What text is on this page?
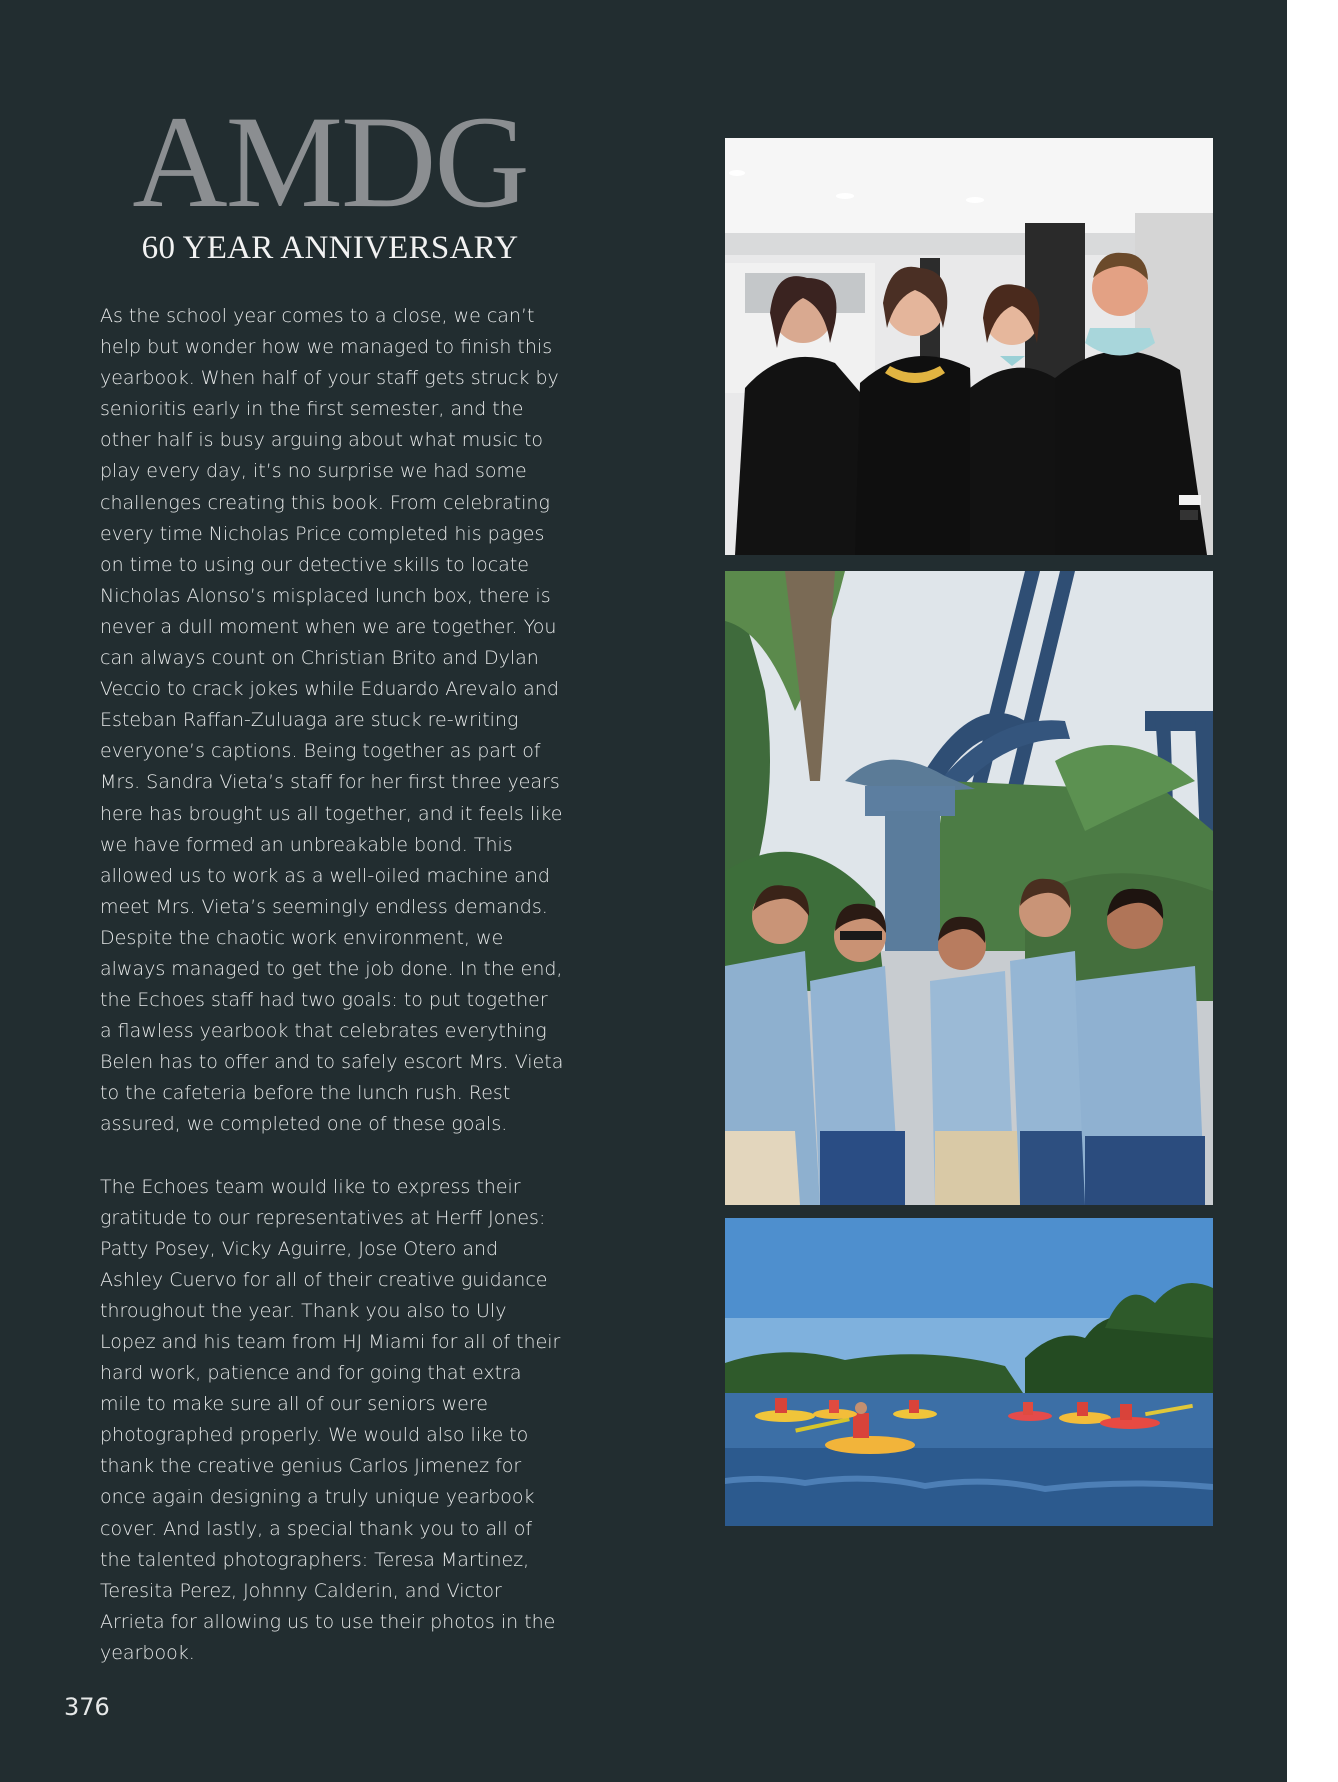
AMDG
60 YEAR ANNIVERSARY

As the school year comes to a close, we can’t help but wonder how we managed to finish this yearbook. When half of your staff gets struck by senioritis early in the first semester, and the other half is busy arguing about what music to play every day, it’s no surprise we had some challenges creating this book. From celebrating every time Nicholas Price completed his pages on time to using our detective skills to locate Nicholas Alonso’s misplaced lunch box, there is never a dull moment when we are together. You can always count on Christian Brito and Dylan Veccio to crack jokes while Eduardo Arevalo and Esteban Raffan-Zuluaga are stuck re-writing everyone’s captions. Being together as part of Mrs. Sandra Vieta’s staff for her first three years here has brought us all together, and it feels like we have formed an unbreakable bond. This allowed us to work as a well-oiled machine and meet Mrs. Vieta’s seemingly endless demands. Despite the chaotic work environment, we always managed to get the job done. In the end, the Echoes staff had two goals: to put together a flawless yearbook that celebrates everything Belen has to offer and to safely escort Mrs. Vieta to the cafeteria before the lunch rush. Rest assured, we completed one of these goals.

The Echoes team would like to express their gratitude to our representatives at Herff Jones: Patty Posey, Vicky Aguirre, Jose Otero and Ashley Cuervo for all of their creative guidance throughout the year. Thank you also to Uly Lopez and his team from HJ Miami for all of their hard work, patience and for going that extra mile to make sure all of our seniors were photographed properly. We would also like to thank the creative genius Carlos Jimenez for once again designing a truly unique yearbook cover. And lastly, a special thank you to all of the talented photographers: Teresa Martinez, Teresita Perez, Johnny Calderin, and Victor Arrieta for allowing us to use their photos in the yearbook.

376
